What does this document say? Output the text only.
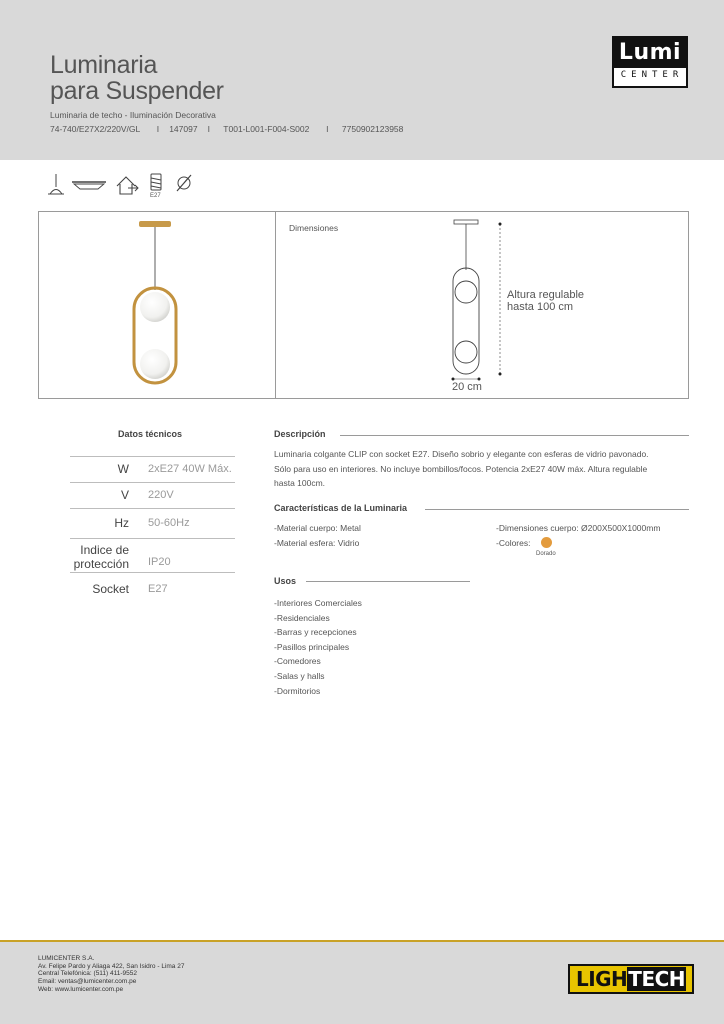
Luminaria
para Suspender
Luminaria de techo - Iluminación Decorativa
74-740/E27X2/220V/GL     I   147097   I    T001-L001-F004-S002     I    7750902123958
Lumi
CENTER
E27
Dimensiones
Altura regulable
hasta 100 cm
20 cm
Datos técnicos
W 2xE27 40W Máx.
V 220V
Hz 50-60Hz
Indice de
protección IP20
Socket E27
Descripción
Luminaria colgante CLIP con socket E27. Diseño sobrio y elegante con esferas de vidrio pavonado.
Sólo para uso en interiores. No incluye bombillos/focos. Potencia 2xE27 40W máx. Altura regulable
hasta 100cm.
Características de la Luminaria
-Material cuerpo: Metal
-Material esfera: Vidrio
-Dimensiones cuerpo: Ø200X500X1000mm
-Colores:
Dorado
Usos
-Interiores Comerciales
-Residenciales
-Barras y recepciones
-Pasillos principales
-Comedores
-Salas y halls
-Dormitorios
LUMICENTER S.A.
Av. Felipe Pardo y Aliaga 422, San Isidro - Lima 27
Central Telefónica: (511) 411-9552
Email: ventas@lumicenter.com.pe
Web: www.lumicenter.com.pe	LIGHTECH
